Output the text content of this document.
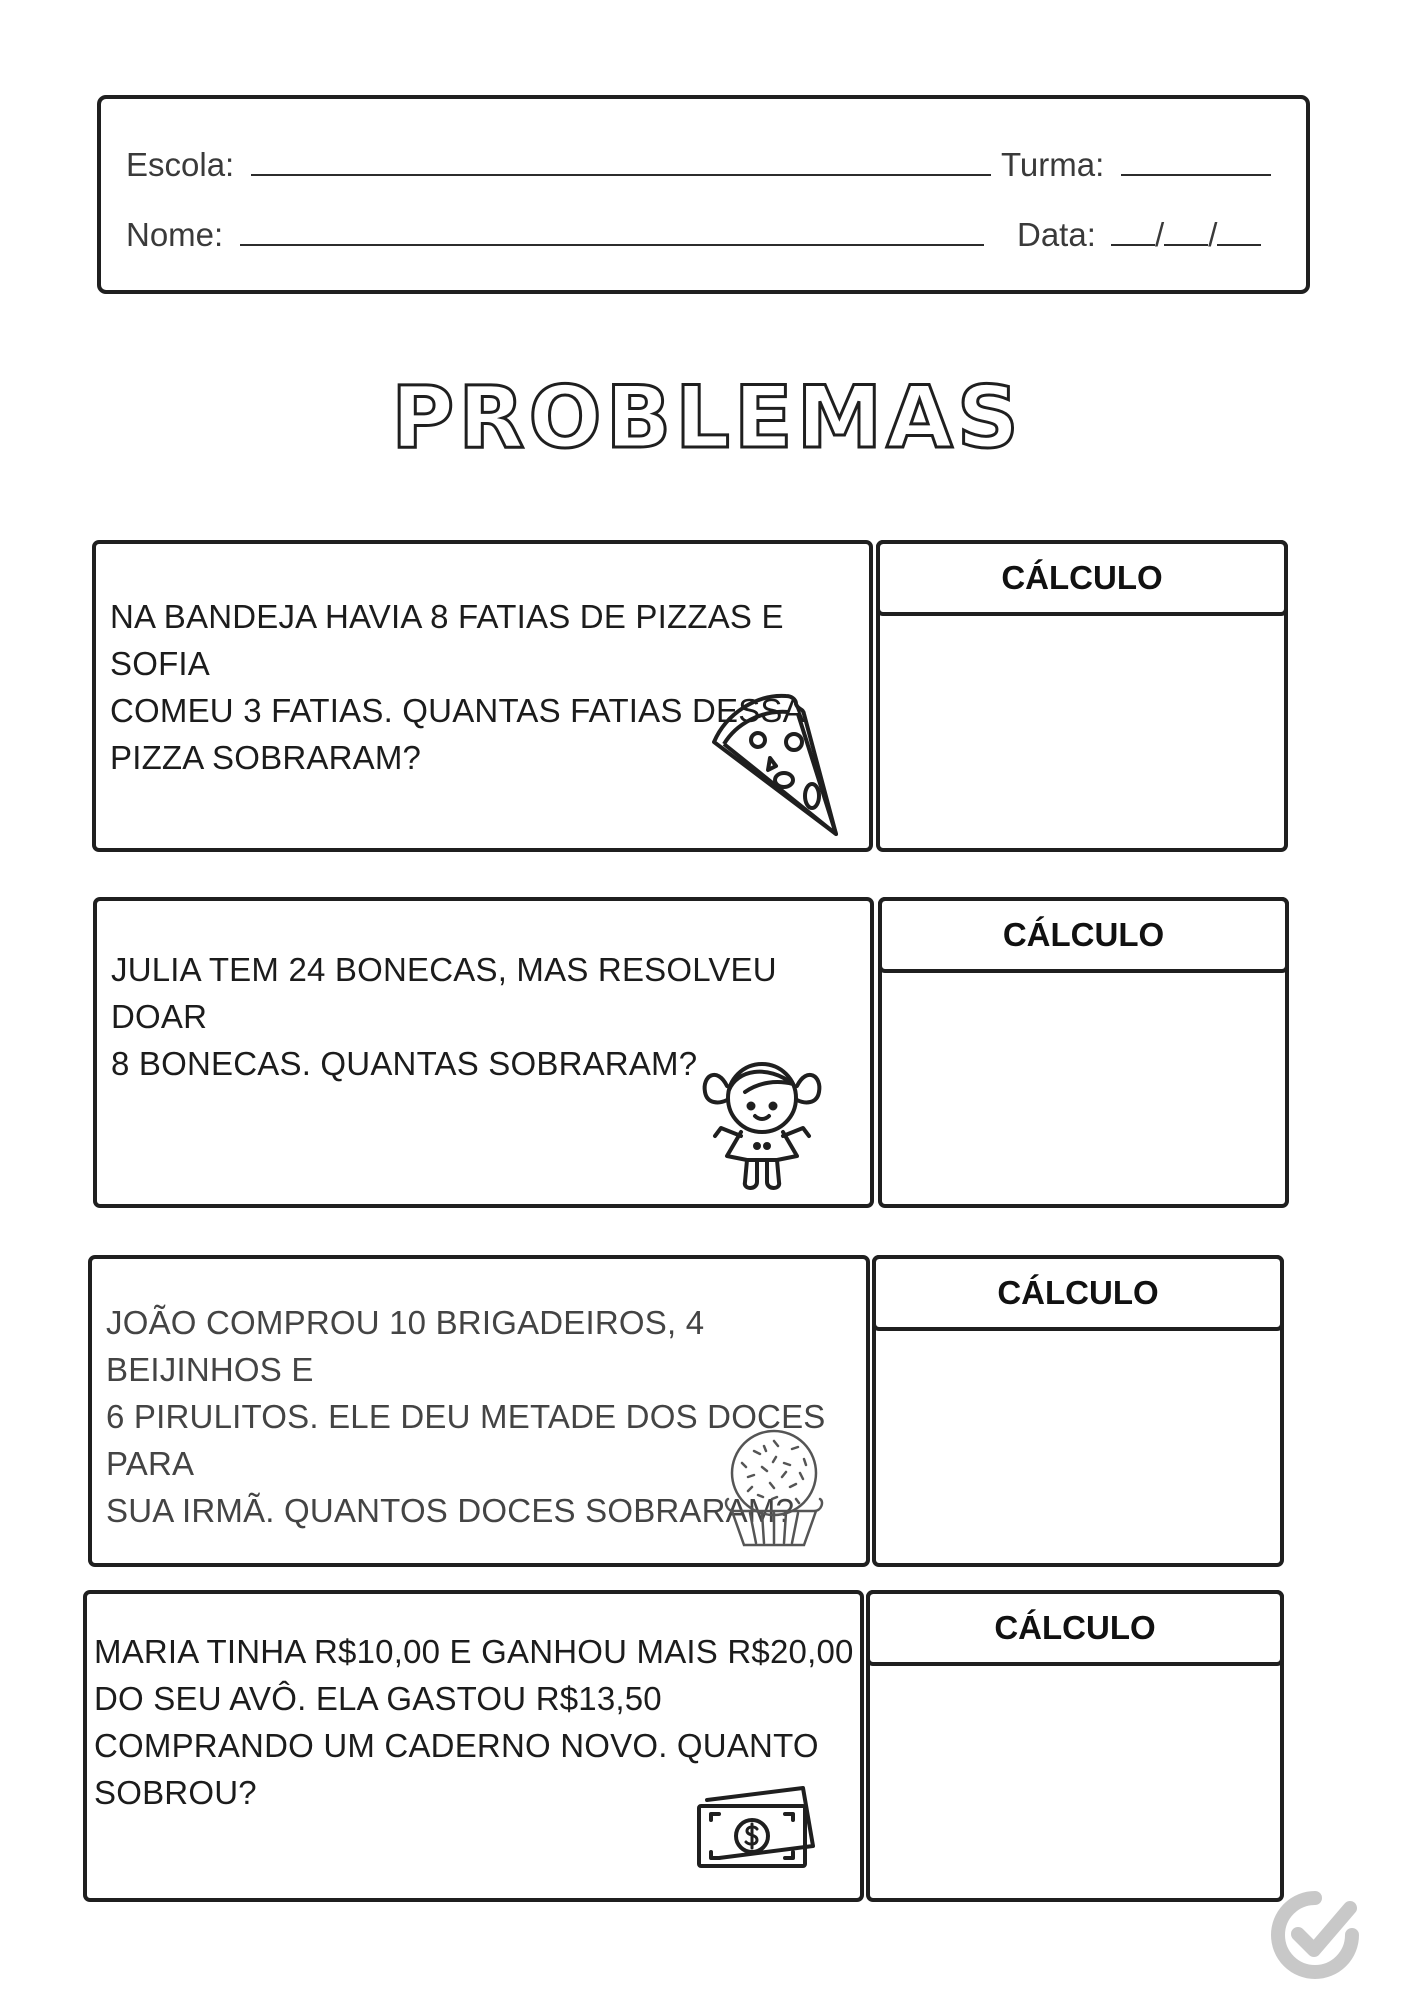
Escola:	Turma:
Nome:	Data: / /
PROBLEMAS
NA BANDEJA HAVIA 8 FATIAS DE PIZZAS E SOFIA
COMEU 3 FATIAS. QUANTAS FATIAS DESSA
PIZZA SOBRARAM?
CÁLCULO
JULIA TEM 24 BONECAS, MAS RESOLVEU DOAR
8 BONECAS. QUANTAS SOBRARAM?
CÁLCULO
JOÃO COMPROU 10 BRIGADEIROS, 4 BEIJINHOS E
6 PIRULITOS. ELE DEU METADE DOS DOCES PARA
SUA IRMÃ. QUANTOS DOCES SOBRARAM?
CÁLCULO
MARIA TINHA R$10,00 E GANHOU MAIS R$20,00
DO SEU AVÔ. ELA GASTOU R$13,50
COMPRANDO UM CADERNO NOVO. QUANTO
SOBROU?
CÁLCULO
